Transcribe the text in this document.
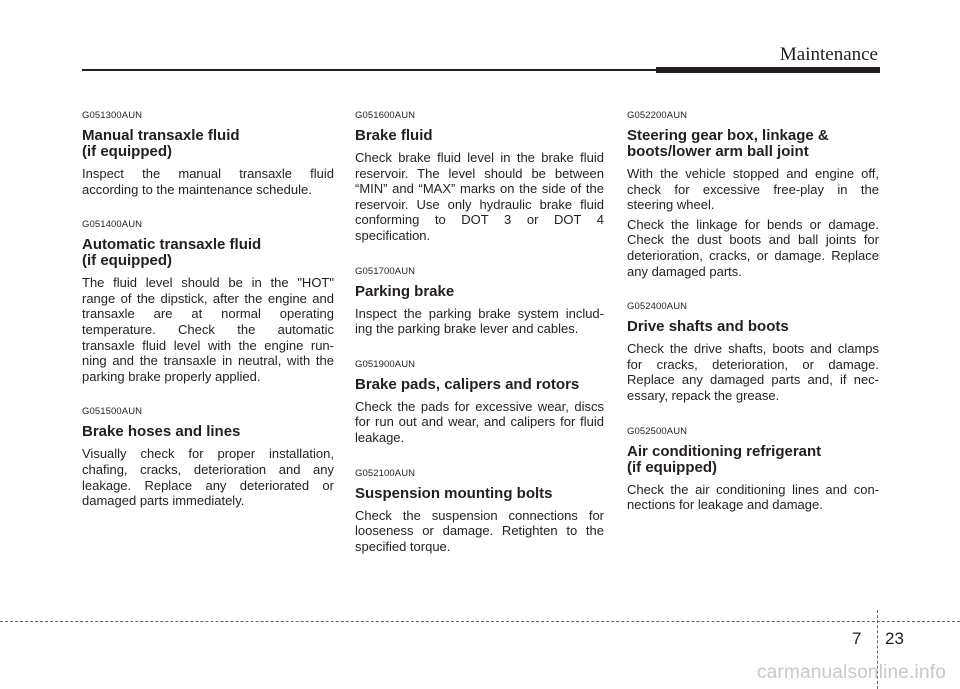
Maintenance
G051300AUN
Manual transaxle fluid
(if equipped)

Inspect the manual transaxle fluid according to the maintenance schedule.

G051400AUN
Automatic transaxle fluid
(if equipped)

The fluid level should be in the "HOT" range of the dipstick, after the engine and transaxle are at normal operating temperature. Check the automatic transaxle fluid level with the engine run-ning and the transaxle in neutral, with the parking brake properly applied.

G051500AUN
Brake hoses and lines

Visually check for proper installation, chafing, cracks, deterioration and any leakage. Replace any deteriorated or damaged parts immediately.

G051600AUN
Brake fluid

Check brake fluid level in the brake fluid reservoir. The level should be between “MIN” and “MAX” marks on the side of the reservoir. Use only hydraulic brake fluid conforming to DOT 3 or DOT 4 specification.

G051700AUN
Parking brake

Inspect the parking brake system includ-ing the parking brake lever and cables.

G051900AUN
Brake pads, calipers and rotors

Check the pads for excessive wear, discs for run out and wear, and calipers for fluid leakage.

G052100AUN
Suspension mounting bolts

Check the suspension connections for looseness or damage. Retighten to the specified torque.

G052200AUN
Steering gear box, linkage &
boots/lower arm ball joint

With the vehicle stopped and engine off, check for excessive free-play in the steering wheel.

Check the linkage for bends or damage. Check the dust boots and ball joints for deterioration, cracks, or damage. Replace any damaged parts.

G052400AUN
Drive shafts and boots

Check the drive shafts, boots and clamps for cracks, deterioration, or damage. Replace any damaged parts and, if nec-essary, repack the grease.

G052500AUN
Air conditioning refrigerant
(if equipped)

Check the air conditioning lines and con-nections for leakage and damage.

7 23
carmanualsonline.info
